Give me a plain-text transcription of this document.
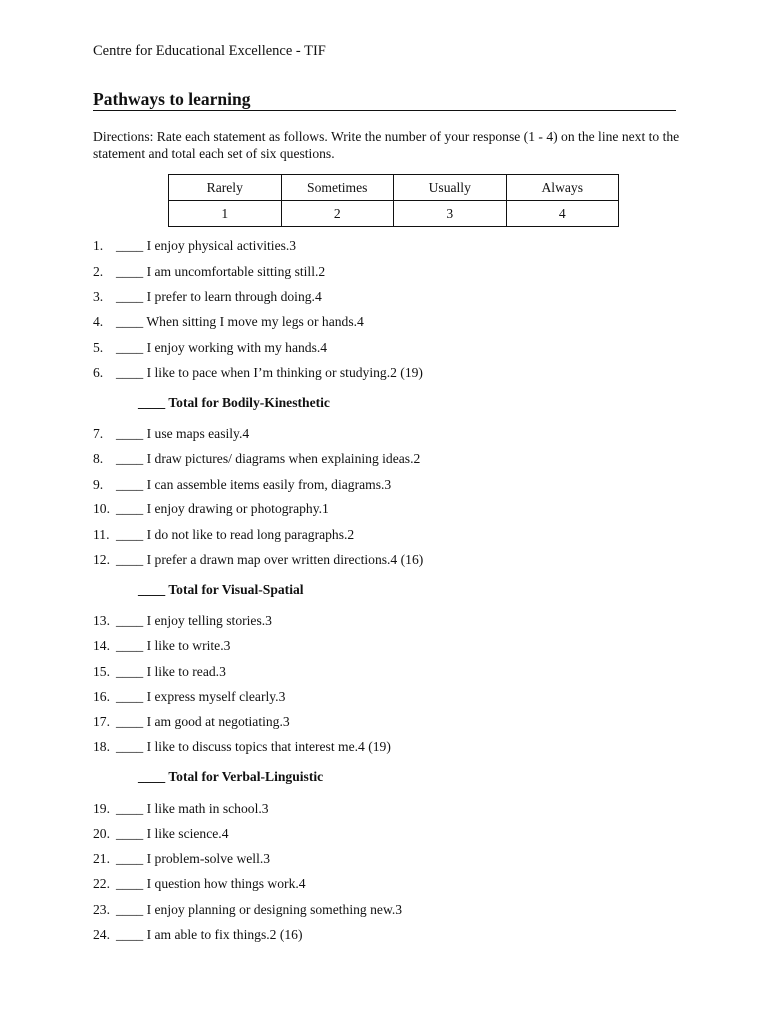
Centre for Educational Excellence - TIF
Pathways to learning
Directions: Rate each statement as follows. Write the number of your response (1 - 4) on the line next to the statement and total each set of six questions.
Rarely	Sometimes	Usually	Always
1	2	3	4
1. ____ I enjoy physical activities.3
2. ____ I am uncomfortable sitting still.2
3. ____ I prefer to learn through doing.4
4. ____ When sitting I move my legs or hands.4
5. ____ I enjoy working with my hands.4
6. ____ I like to pace when I’m thinking or studying.2 (19)
____ Total for Bodily-Kinesthetic
7. ____ I use maps easily.4
8. ____ I draw pictures/ diagrams when explaining ideas.2
9. ____ I can assemble items easily from, diagrams.3
10. ____ I enjoy drawing or photography.1
11. ____ I do not like to read long paragraphs.2
12. ____ I prefer a drawn map over written directions.4 (16)
____ Total for Visual-Spatial
13. ____ I enjoy telling stories.3
14. ____ I like to write.3
15. ____ I like to read.3
16. ____ I express myself clearly.3
17. ____ I am good at negotiating.3
18. ____ I like to discuss topics that interest me.4 (19)
____ Total for Verbal-Linguistic
19. ____ I like math in school.3
20. ____ I like science.4
21. ____ I problem-solve well.3
22. ____ I question how things work.4
23. ____ I enjoy planning or designing something new.3
24. ____ I am able to fix things.2 (16)
